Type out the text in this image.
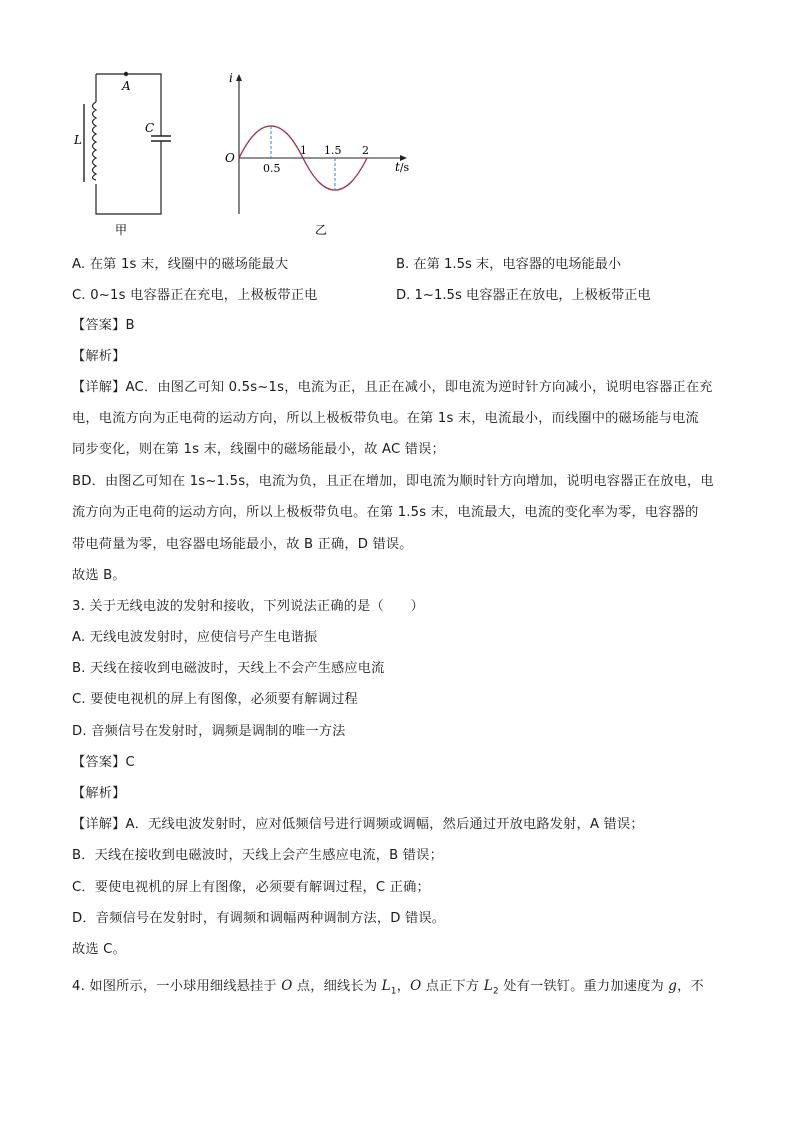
A
L
C
甲
i
O
1 1.5 2
0.5	t/s
乙
A. 在第 1s 末，线圈中的磁场能最大	B. 在第 1.5s 末，电容器的电场能最小
C. 0~1s 电容器正在充电，上极板带正电	D. 1~1.5s 电容器正在放电，上极板带正电
【答案】B
【解析】
【详解】AC．由图乙可知 0.5s~1s，电流为正，且正在减小，即电流为逆时针方向减小，说明电容器正在充
电，电流方向为正电荷的运动方向，所以上极板带负电。在第 1s 末，电流最小，而线圈中的磁场能与电流
同步变化，则在第 1s 末，线圈中的磁场能最小，故 AC 错误；
BD．由图乙可知在 1s~1.5s，电流为负，且正在增加，即电流为顺时针方向增加，说明电容器正在放电，电
流方向为正电荷的运动方向，所以上极板带负电。在第 1.5s 末，电流最大，电流的变化率为零，电容器的
带电荷量为零，电容器电场能最小，故 B 正确，D 错误。
故选 B。
3. 关于无线电波的发射和接收，下列说法正确的是（　　）
A. 无线电波发射时，应使信号产生电谐振
B. 天线在接收到电磁波时，天线上不会产生感应电流
C. 要使电视机的屏上有图像，必须要有解调过程
D. 音频信号在发射时，调频是调制的唯一方法
【答案】C
【解析】
【详解】A．无线电波发射时，应对低频信号进行调频或调幅，然后通过开放电路发射，A 错误；
B．天线在接收到电磁波时，天线上会产生感应电流，B 错误；
C．要使电视机的屏上有图像，必须要有解调过程，C 正确；
D．音频信号在发射时，有调频和调幅两种调制方法，D 错误。
故选 C。
4. 如图所示，一小球用细线悬挂于 O 点，细线长为 $L_1$，O 点正下方 $L_2$ 处有一铁钉。重力加速度为 g，不
